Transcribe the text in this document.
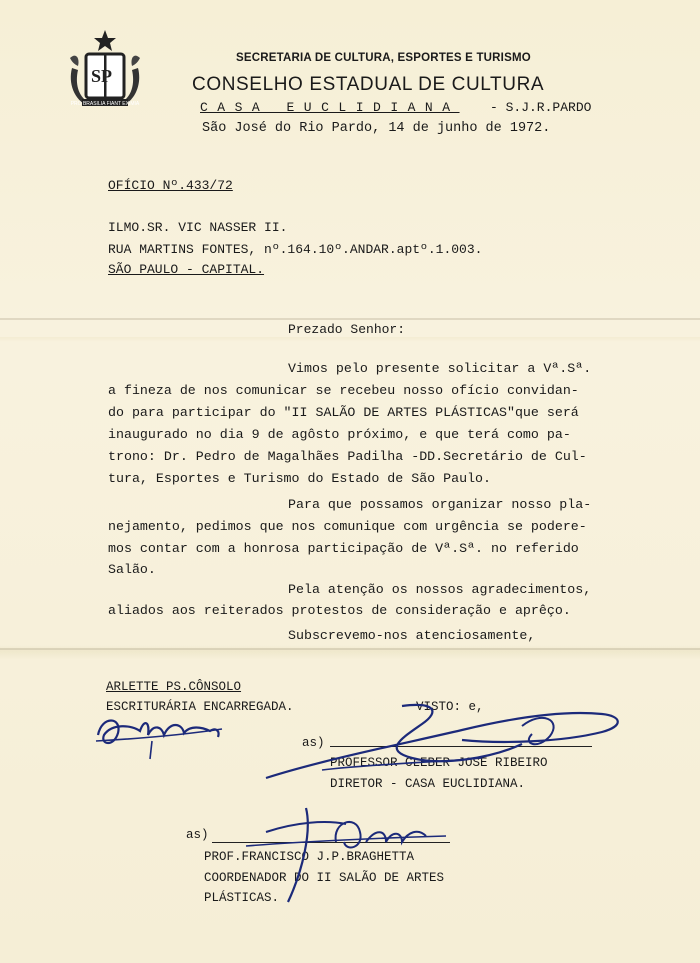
SP
PRO BRASILIA FIANT EXIMIA
SECRETARIA DE CULTURA, ESPORTES E TURISMO
CONSELHO ESTADUAL DE CULTURA
CASA EUCLIDIANA - S.J.R.PARDO
São José do Rio Pardo, 14 de junho de 1972.
OFÍCIO Nº.433/72
ILMO.SR. VIC NASSER II.
RUA MARTINS FONTES, nº.164.10º.ANDAR.aptº.1.003.
SÃO PAULO - CAPITAL.
Prezado Senhor:
Vimos pelo presente solicitar a Vª.Sª.
a fineza de nos comunicar se recebeu nosso ofício convidan-
do para participar do "II SALÃO DE ARTES PLÁSTICAS"que será
inaugurado no dia 9 de agôsto próximo, e que terá como pa-
trono: Dr. Pedro de Magalhães Padilha -DD.Secretário de Cul-
tura, Esportes e Turismo do Estado de São Paulo.
Para que possamos organizar nosso pla-
nejamento, pedimos que nos comunique com urgência se podere-
mos contar com a honrosa participação de Vª.Sª. no referido
Salão.
Pela atenção os nossos agradecimentos,
aliados aos reiterados protestos de consideração e aprêço.
Subscrevemo-nos atenciosamente,
ARLETTE PS.CÔNSOLO
ESCRITURÁRIA ENCARREGADA.	VISTO: e,
as)
PROFESSOR CLEBER JOSÉ RIBEIRO
DIRETOR - CASA EUCLIDIANA.
as)
PROF.FRANCISCO J.P.BRAGHETTA
COORDENADOR DO II SALÃO DE ARTES
PLÁSTICAS.
